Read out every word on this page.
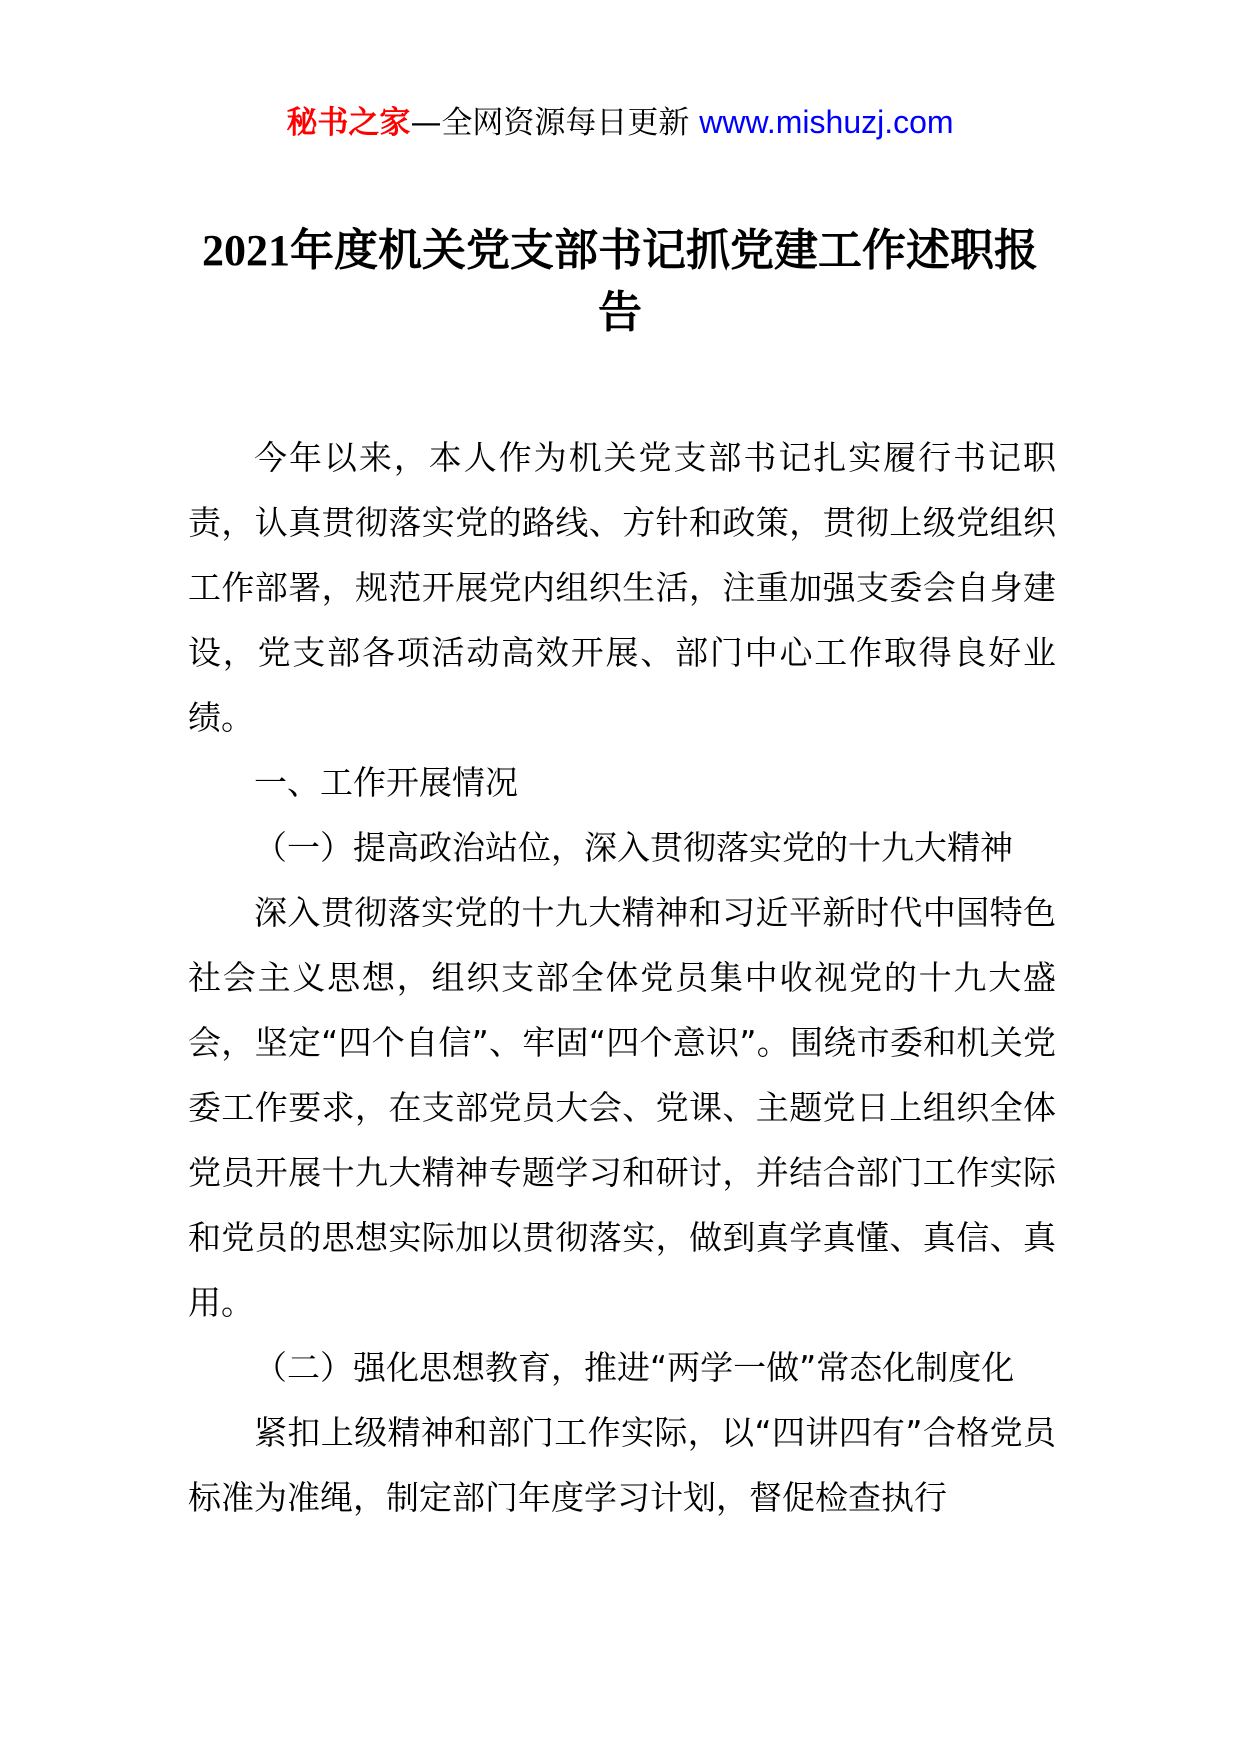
秘书之家—全网资源每日更新 www.mishuzj.com
2021年度机关党支部书记抓党建工作述职报告

今年以来，本人作为机关党支部书记扎实履行书记职责，认真贯彻落实党的路线、方针和政策，贯彻上级党组织工作部署，规范开展党内组织生活，注重加强支委会自身建设，党支部各项活动高效开展、部门中心工作取得良好业绩。

一、工作开展情况

（一）提高政治站位，深入贯彻落实党的十九大精神

深入贯彻落实党的十九大精神和习近平新时代中国特色社会主义思想，组织支部全体党员集中收视党的十九大盛会，坚定“四个自信”、牢固“四个意识”。围绕市委和机关党委工作要求，在支部党员大会、党课、主题党日上组织全体党员开展十九大精神专题学习和研讨，并结合部门工作实际和党员的思想实际加以贯彻落实，做到真学真懂、真信、真用。

（二）强化思想教育，推进“两学一做”常态化制度化

紧扣上级精神和部门工作实际，以“四讲四有”合格党员标准为准绳，制定部门年度学习计划，督促检查执行
